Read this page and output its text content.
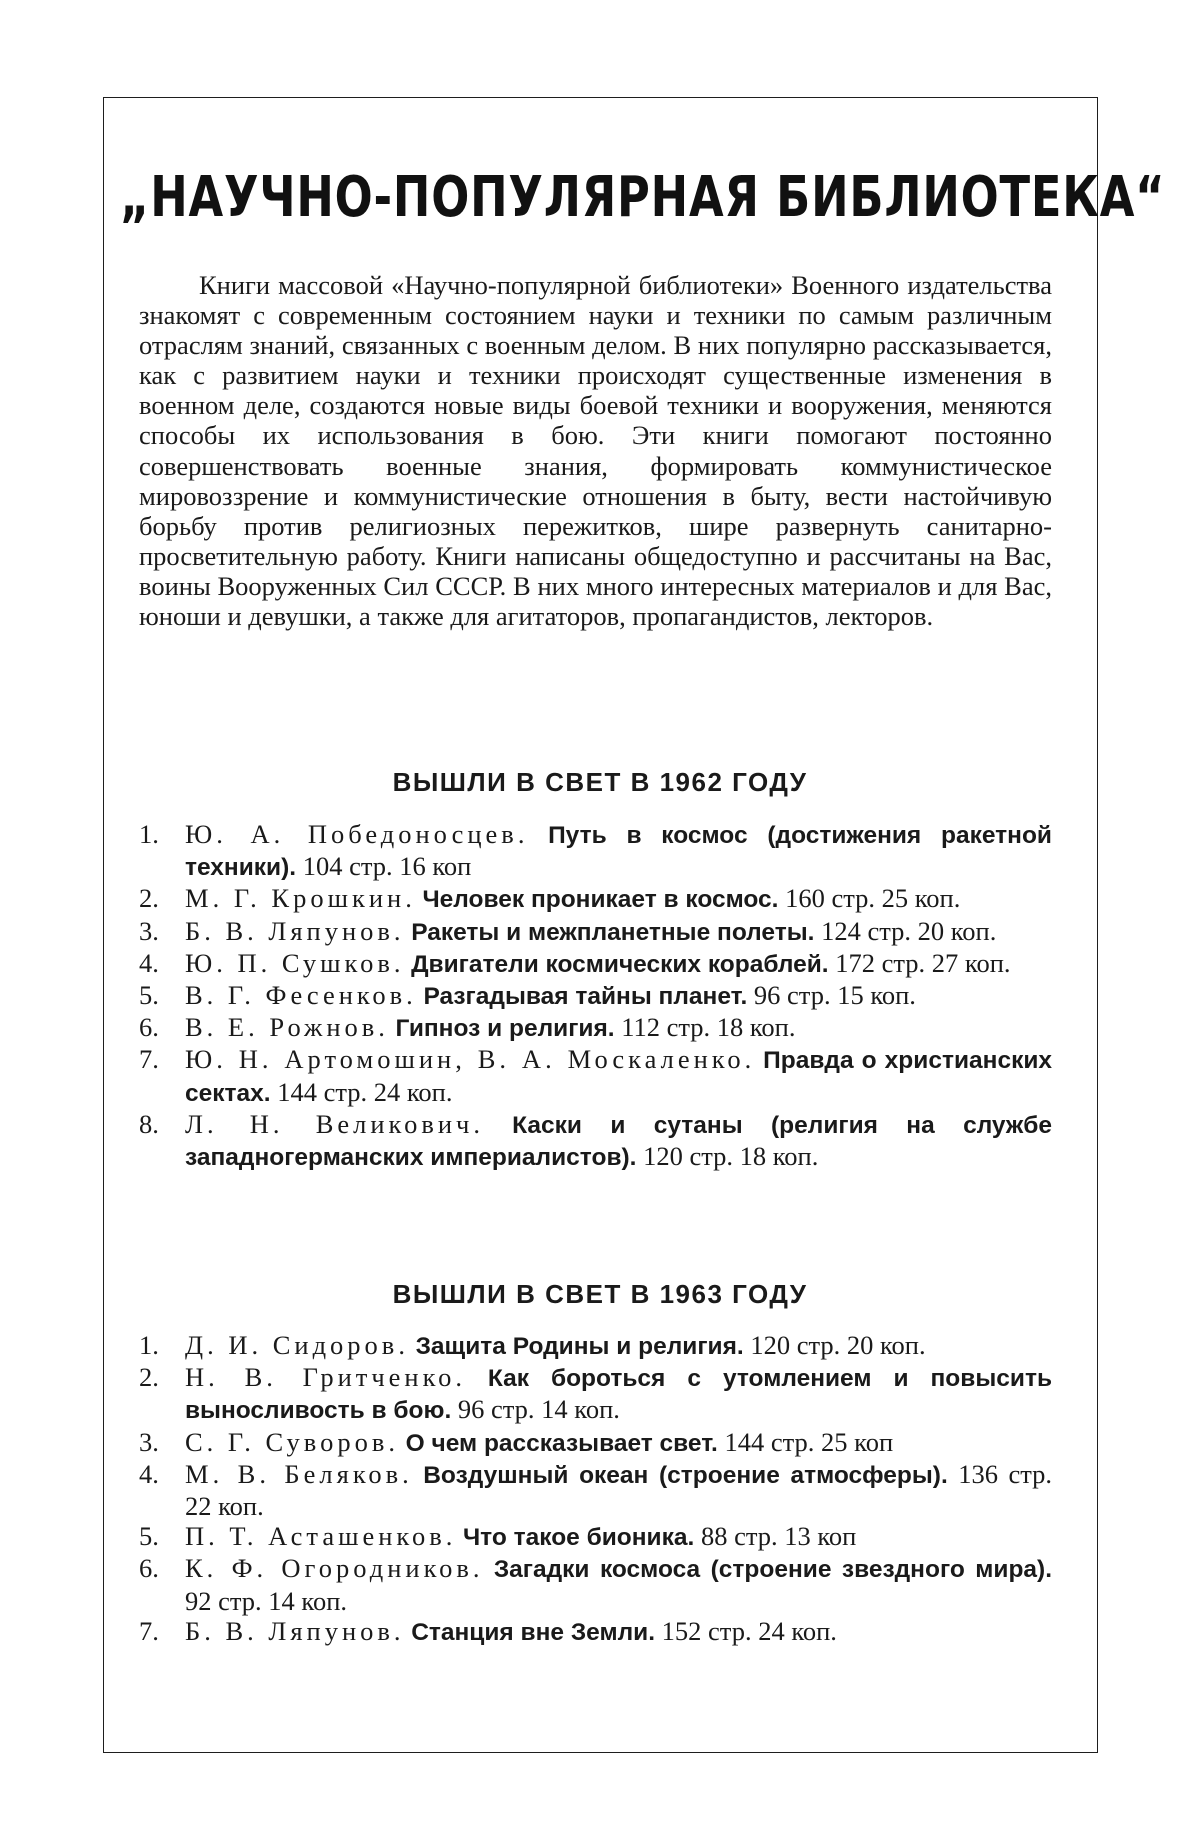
„НАУЧНО-ПОПУЛЯРНАЯ БИБЛИОТЕКА“

Книги массовой «Научно-популярной библиотеки» Военного издательства знакомят с современным состоянием науки и техники по самым различным отраслям знаний, связанных с военным делом. В них популярно рассказывается, как с развитием науки и техники происходят существенные изменения в военном деле, создаются новые виды боевой техники и вооружения, меняются способы их использования в бою. Эти книги помогают постоянно совершенствовать военные знания, формировать коммунистическое мировоззрение и коммунистические отношения в быту, вести настойчивую борьбу против религиозных пережитков, шире развернуть санитарно-просветительную работу. Книги написаны общедоступно и рассчитаны на Вас, воины Вооруженных Сил СССР. В них много интересных материалов и для Вас, юноши и девушки, а также для агитаторов, пропагандистов, лекторов.

ВЫШЛИ В СВЕТ В 1962 ГОДУ
1. Ю. А. Победоносцев. Путь в космос (достижения ракетной техники). 104 стр. 16 коп
2. М. Г. Крошкин. Человек проникает в космос. 160 стр. 25 коп.
3. Б. В. Ляпунов. Ракеты и межпланетные полеты. 124 стр. 20 коп.
4. Ю. П. Сушков. Двигатели космических кораблей. 172 стр. 27 коп.
5. В. Г. Фесенков. Разгадывая тайны планет. 96 стр. 15 коп.
6. В. Е. Рожнов. Гипноз и религия. 112 стр. 18 коп.
7. Ю. Н. Артомошин, В. А. Москаленко. Правда о христианских сектах. 144 стр. 24 коп.
8. Л. Н. Великович. Каски и сутаны (религия на службе западногерманских империалистов). 120 стр. 18 коп.
ВЫШЛИ В СВЕТ В 1963 ГОДУ
1. Д. И. Сидоров. Защита Родины и религия. 120 стр. 20 коп.
2. Н. В. Гритченко. Как бороться с утомлением и повысить выносливость в бою. 96 стр. 14 коп.
3. С. Г. Суворов. О чем рассказывает свет. 144 стр. 25 коп
4. М. В. Беляков. Воздушный океан (строение атмосферы). 136 стр. 22 коп.
5. П. Т. Асташенков. Что такое бионика. 88 стр. 13 коп
6. К. Ф. Огородников. Загадки космоса (строение звездного мира). 92 стр. 14 коп.
7. Б. В. Ляпунов. Станция вне Земли. 152 стр. 24 коп.
